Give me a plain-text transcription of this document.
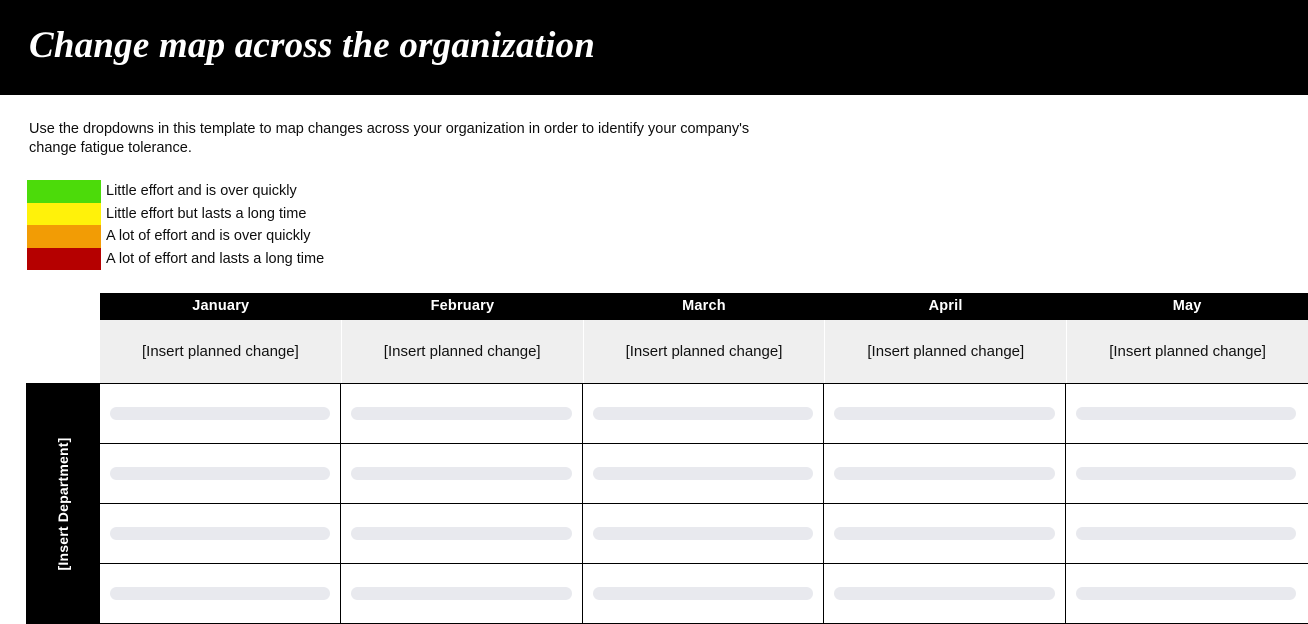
Change map across the organization
Use the dropdowns in this template to map changes across your organization in order to identify your company's change fatigue tolerance.
Little effort and is over quickly
Little effort but lasts a long time
A lot of effort and is over quickly
A lot of effort and lasts a long time
January	February	March	April	May
[Insert planned change]	[Insert planned change]	[Insert planned change]	[Insert planned change]	[Insert planned change]
[Insert Department]
